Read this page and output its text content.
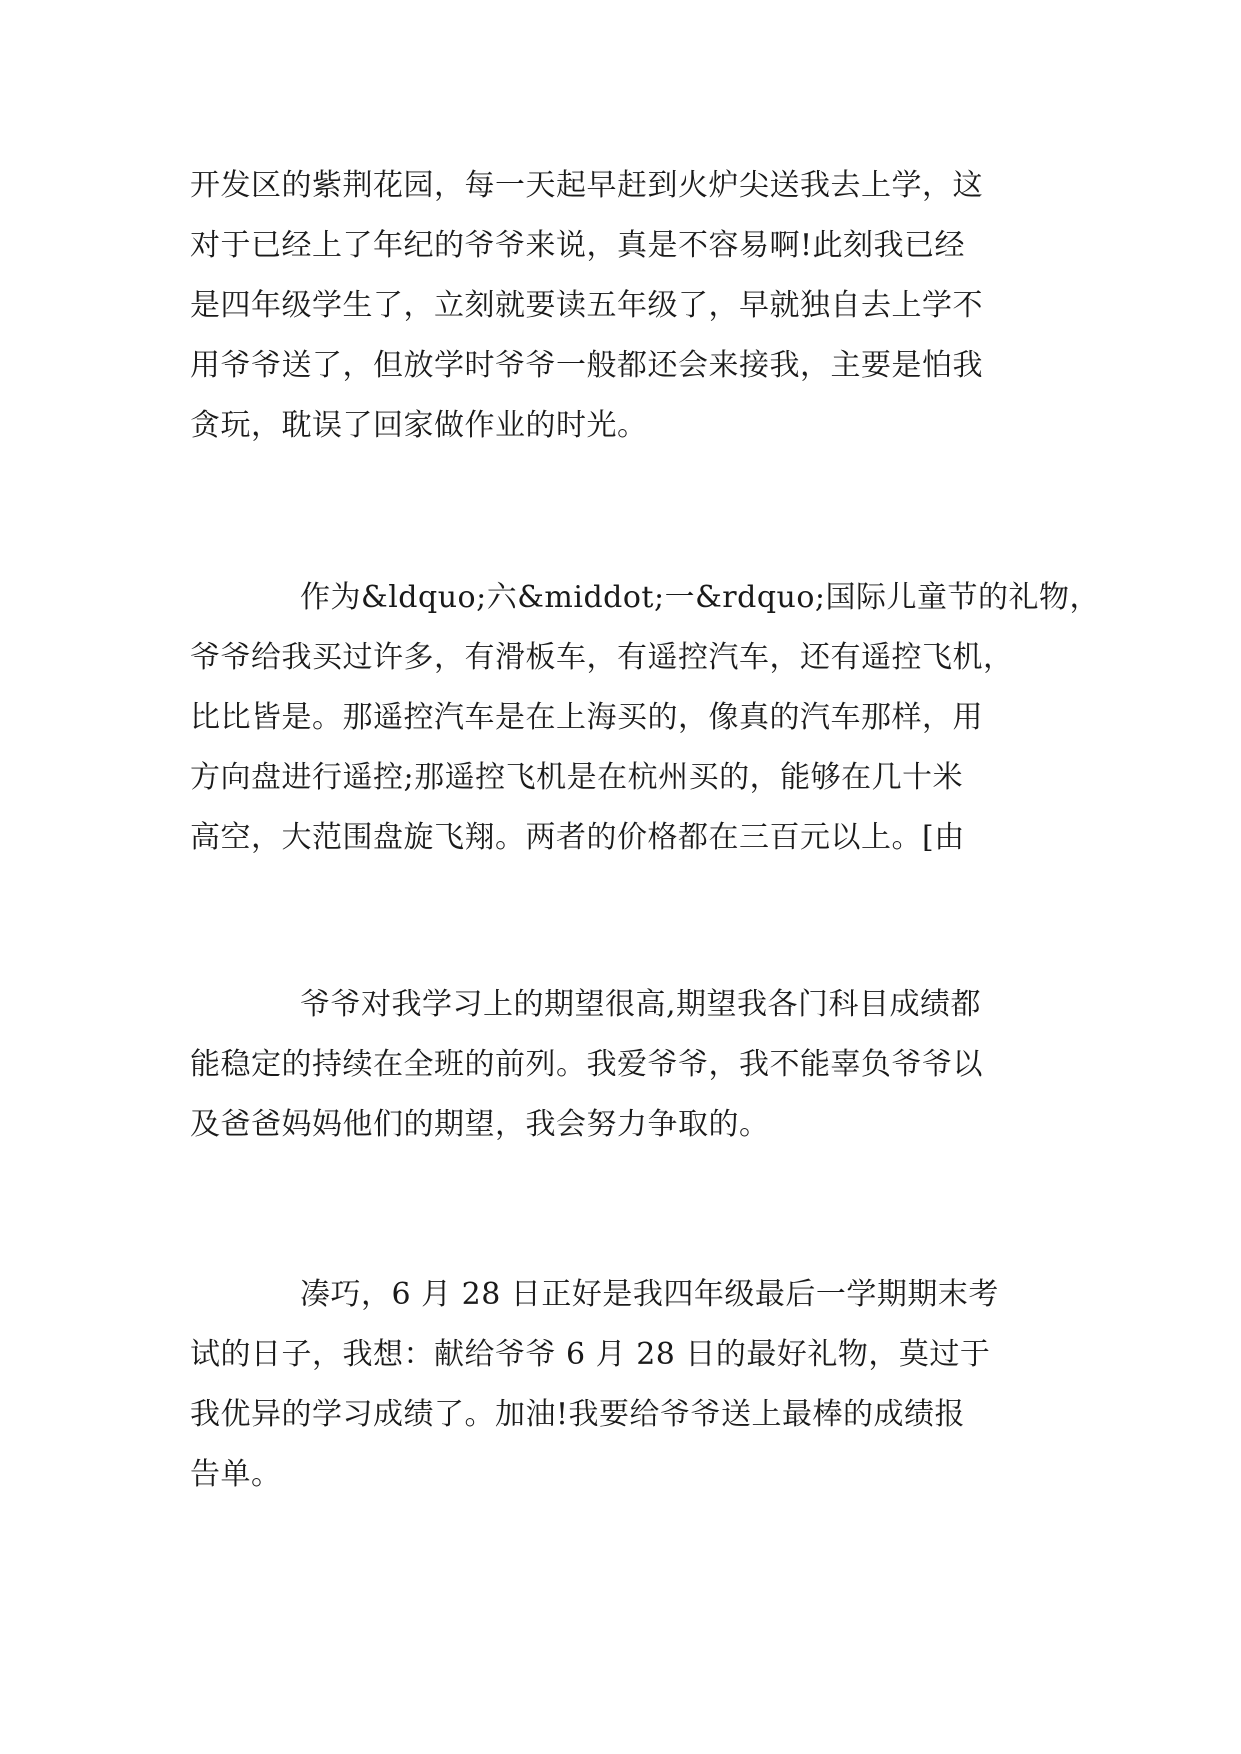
开发区的紫荆花园，每一天起早赶到火炉尖送我去上学，这
对于已经上了年纪的爷爷来说，真是不容易啊!此刻我已经
是四年级学生了，立刻就要读五年级了，早就独自去上学不
用爷爷送了，但放学时爷爷一般都还会来接我，主要是怕我
贪玩，耽误了回家做作业的时光。
作为&ldquo;六&middot;一&rdquo;国际儿童节的礼物，
爷爷给我买过许多，有滑板车，有遥控汽车，还有遥控飞机，
比比皆是。那遥控汽车是在上海买的，像真的汽车那样，用
方向盘进行遥控;那遥控飞机是在杭州买的，能够在几十米
高空，大范围盘旋飞翔。两者的价格都在三百元以上。[由
爷爷对我学习上的期望很高,期望我各门科目成绩都
能稳定的持续在全班的前列。我爱爷爷，我不能辜负爷爷以
及爸爸妈妈他们的期望，我会努力争取的。
凑巧，6 月 28 日正好是我四年级最后一学期期末考
试的日子，我想：献给爷爷 6 月 28 日的最好礼物，莫过于
我优异的学习成绩了。加油!我要给爷爷送上最棒的成绩报
告单。
